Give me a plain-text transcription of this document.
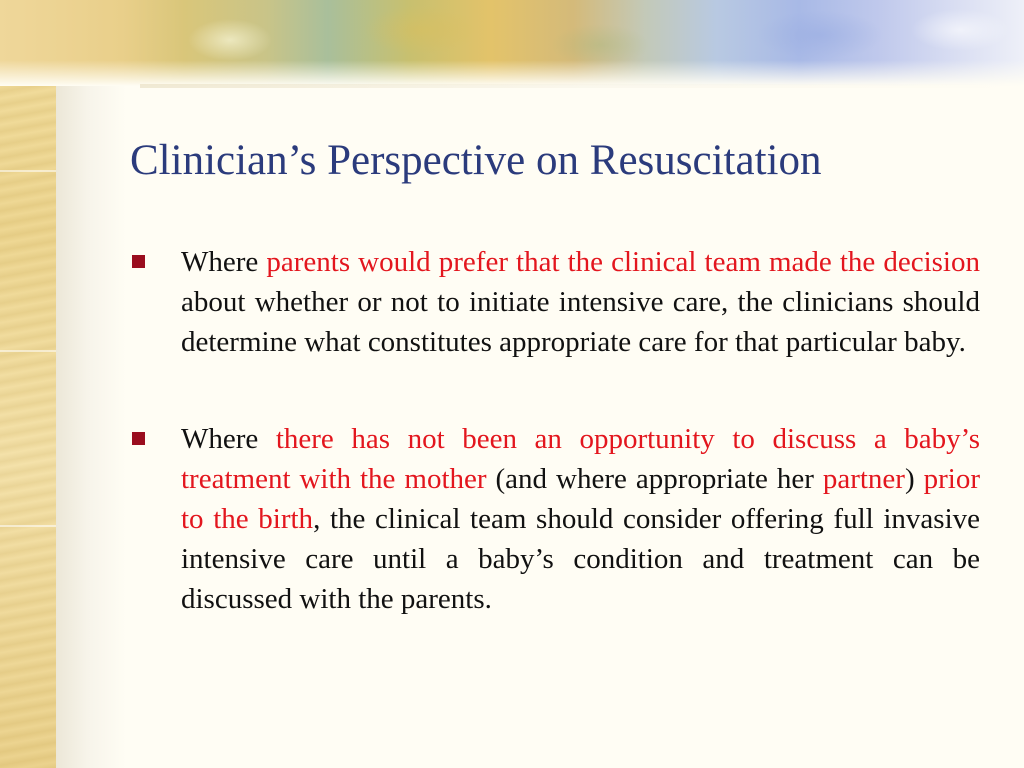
Clinician’s Perspective on Resuscitation
Where parents would prefer that the clinical team made the decision about whether or not to initiate intensive care, the clinicians should determine what constitutes appropriate care for that particular baby.
Where there has not been an opportunity to discuss a baby’s treatment with the mother (and where appropriate her partner) prior to the birth, the clinical team should consider offering full invasive intensive care until a baby’s condition and treatment can be discussed with the parents.
